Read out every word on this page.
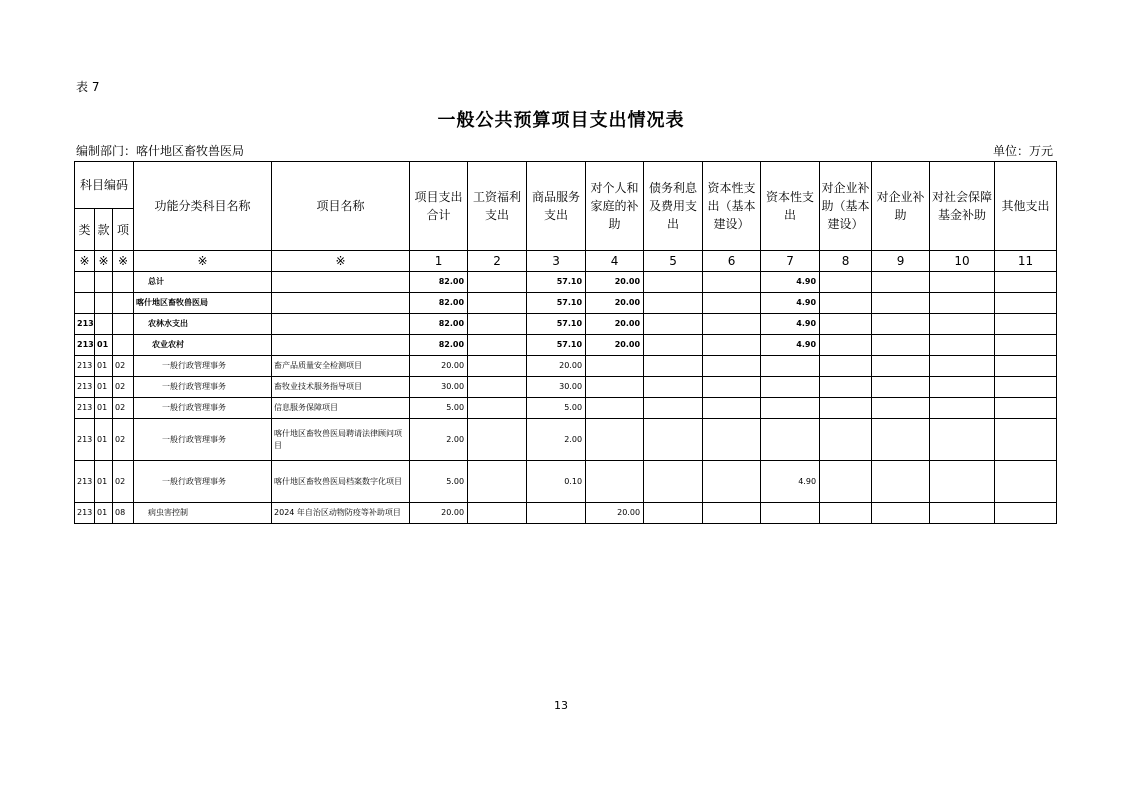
表 7
一般公共预算项目支出情况表
编制部门：喀什地区畜牧兽医局	单位：万元
科目编码			功能分类科目名称	项目名称	项目支出合计	工资福利支出	商品服务支出	对个人和家庭的补助	债务利息及费用支出	资本性支出（基本建设）	资本性支出	对企业补助（基本建设）	对企业补助	对社会保障基金补助	其他支出
类	款	项													
※	※	※	※	※	1	2	3	4	5	6	7	8	9	10	11
			总计		82.00		57.10	20.00			4.90				
			喀什地区畜牧兽医局		82.00		57.10	20.00			4.90				
213			农林水支出		82.00		57.10	20.00			4.90				
213	01		农业农村		82.00		57.10	20.00			4.90				
213	01	02	一般行政管理事务	畜产品质量安全检测项目	20.00		20.00								
213	01	02	一般行政管理事务	畜牧业技术服务指导项目	30.00		30.00								
213	01	02	一般行政管理事务	信息服务保障项目	5.00		5.00								
213	01	02	一般行政管理事务	喀什地区畜牧兽医局聘请法律顾问项目	2.00		2.00								
213	01	02	一般行政管理事务	喀什地区畜牧兽医局档案数字化项目	5.00		0.10				4.90				
213	01	08	病虫害控制	2024 年自治区动物防疫等补助项目	20.00			20.00							
13
